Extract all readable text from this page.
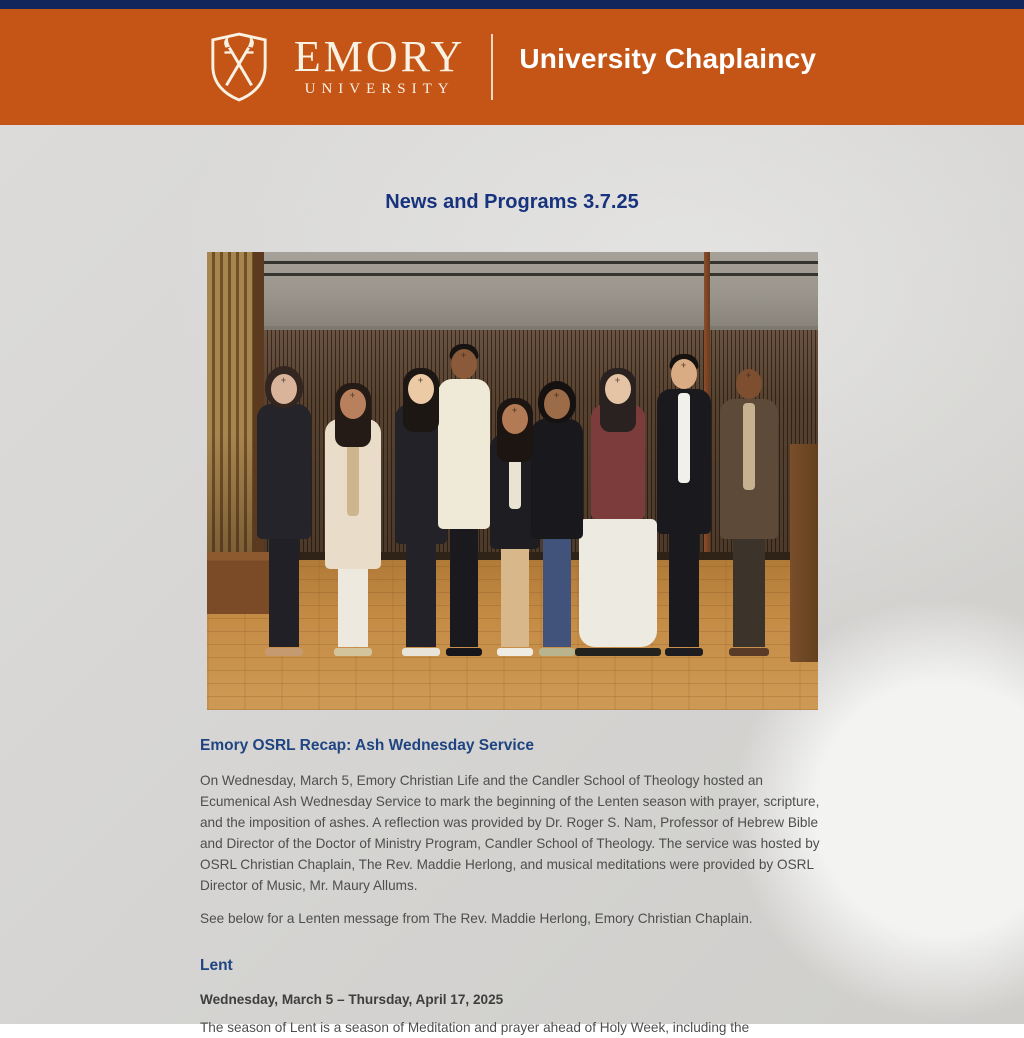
EMORY
UNIVERSITY
University Chaplaincy
News and Programs 3.7.25
+
+
+
+
+
+
+
+
+
Emory OSRL Recap: Ash Wednesday Service

On Wednesday, March 5, Emory Christian Life and the Candler School of Theology hosted an Ecumenical Ash Wednesday Service to mark the beginning of the Lenten season with prayer, scripture, and the imposition of ashes. A reflection was provided by Dr. Roger S. Nam, Professor of Hebrew Bible and Director of the Doctor of Ministry Program, Candler School of Theology. The service was hosted by OSRL Christian Chaplain, The Rev. Maddie Herlong, and musical meditations were provided by OSRL Director of Music, Mr. Maury Allums.

See below for a Lenten message from The Rev. Maddie Herlong, Emory Christian Chaplain.

Lent

Wednesday, March 5 – Thursday, April 17, 2025

The season of Lent is a season of Meditation and prayer ahead of Holy Week, including the
